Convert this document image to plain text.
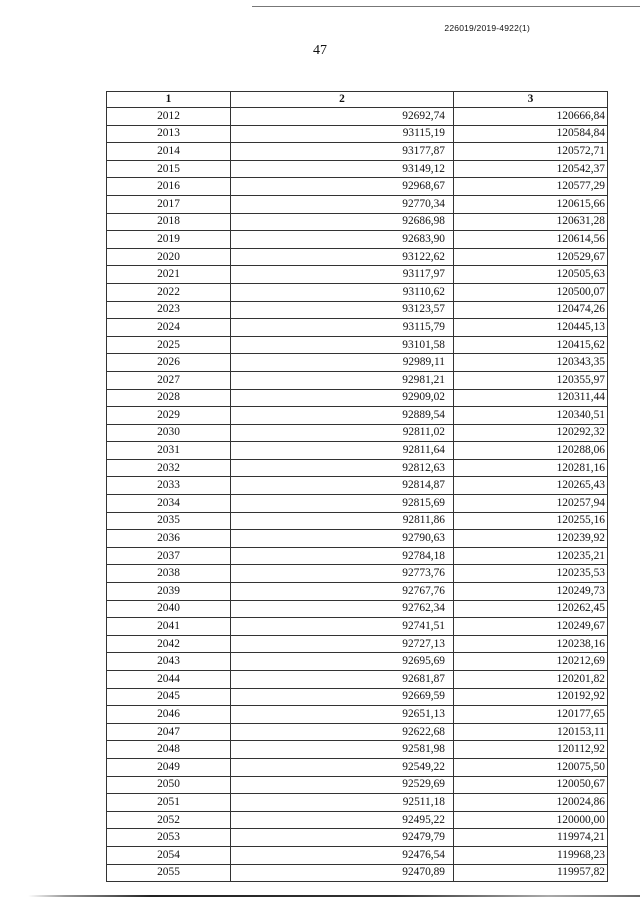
226019/2019-4922(1)
47
1	2	3
2012	92692,74	120666,84
2013	93115,19	120584,84
2014	93177,87	120572,71
2015	93149,12	120542,37
2016	92968,67	120577,29
2017	92770,34	120615,66
2018	92686,98	120631,28
2019	92683,90	120614,56
2020	93122,62	120529,67
2021	93117,97	120505,63
2022	93110,62	120500,07
2023	93123,57	120474,26
2024	93115,79	120445,13
2025	93101,58	120415,62
2026	92989,11	120343,35
2027	92981,21	120355,97
2028	92909,02	120311,44
2029	92889,54	120340,51
2030	92811,02	120292,32
2031	92811,64	120288,06
2032	92812,63	120281,16
2033	92814,87	120265,43
2034	92815,69	120257,94
2035	92811,86	120255,16
2036	92790,63	120239,92
2037	92784,18	120235,21
2038	92773,76	120235,53
2039	92767,76	120249,73
2040	92762,34	120262,45
2041	92741,51	120249,67
2042	92727,13	120238,16
2043	92695,69	120212,69
2044	92681,87	120201,82
2045	92669,59	120192,92
2046	92651,13	120177,65
2047	92622,68	120153,11
2048	92581,98	120112,92
2049	92549,22	120075,50
2050	92529,69	120050,67
2051	92511,18	120024,86
2052	92495,22	120000,00
2053	92479,79	119974,21
2054	92476,54	119968,23
2055	92470,89	119957,82
